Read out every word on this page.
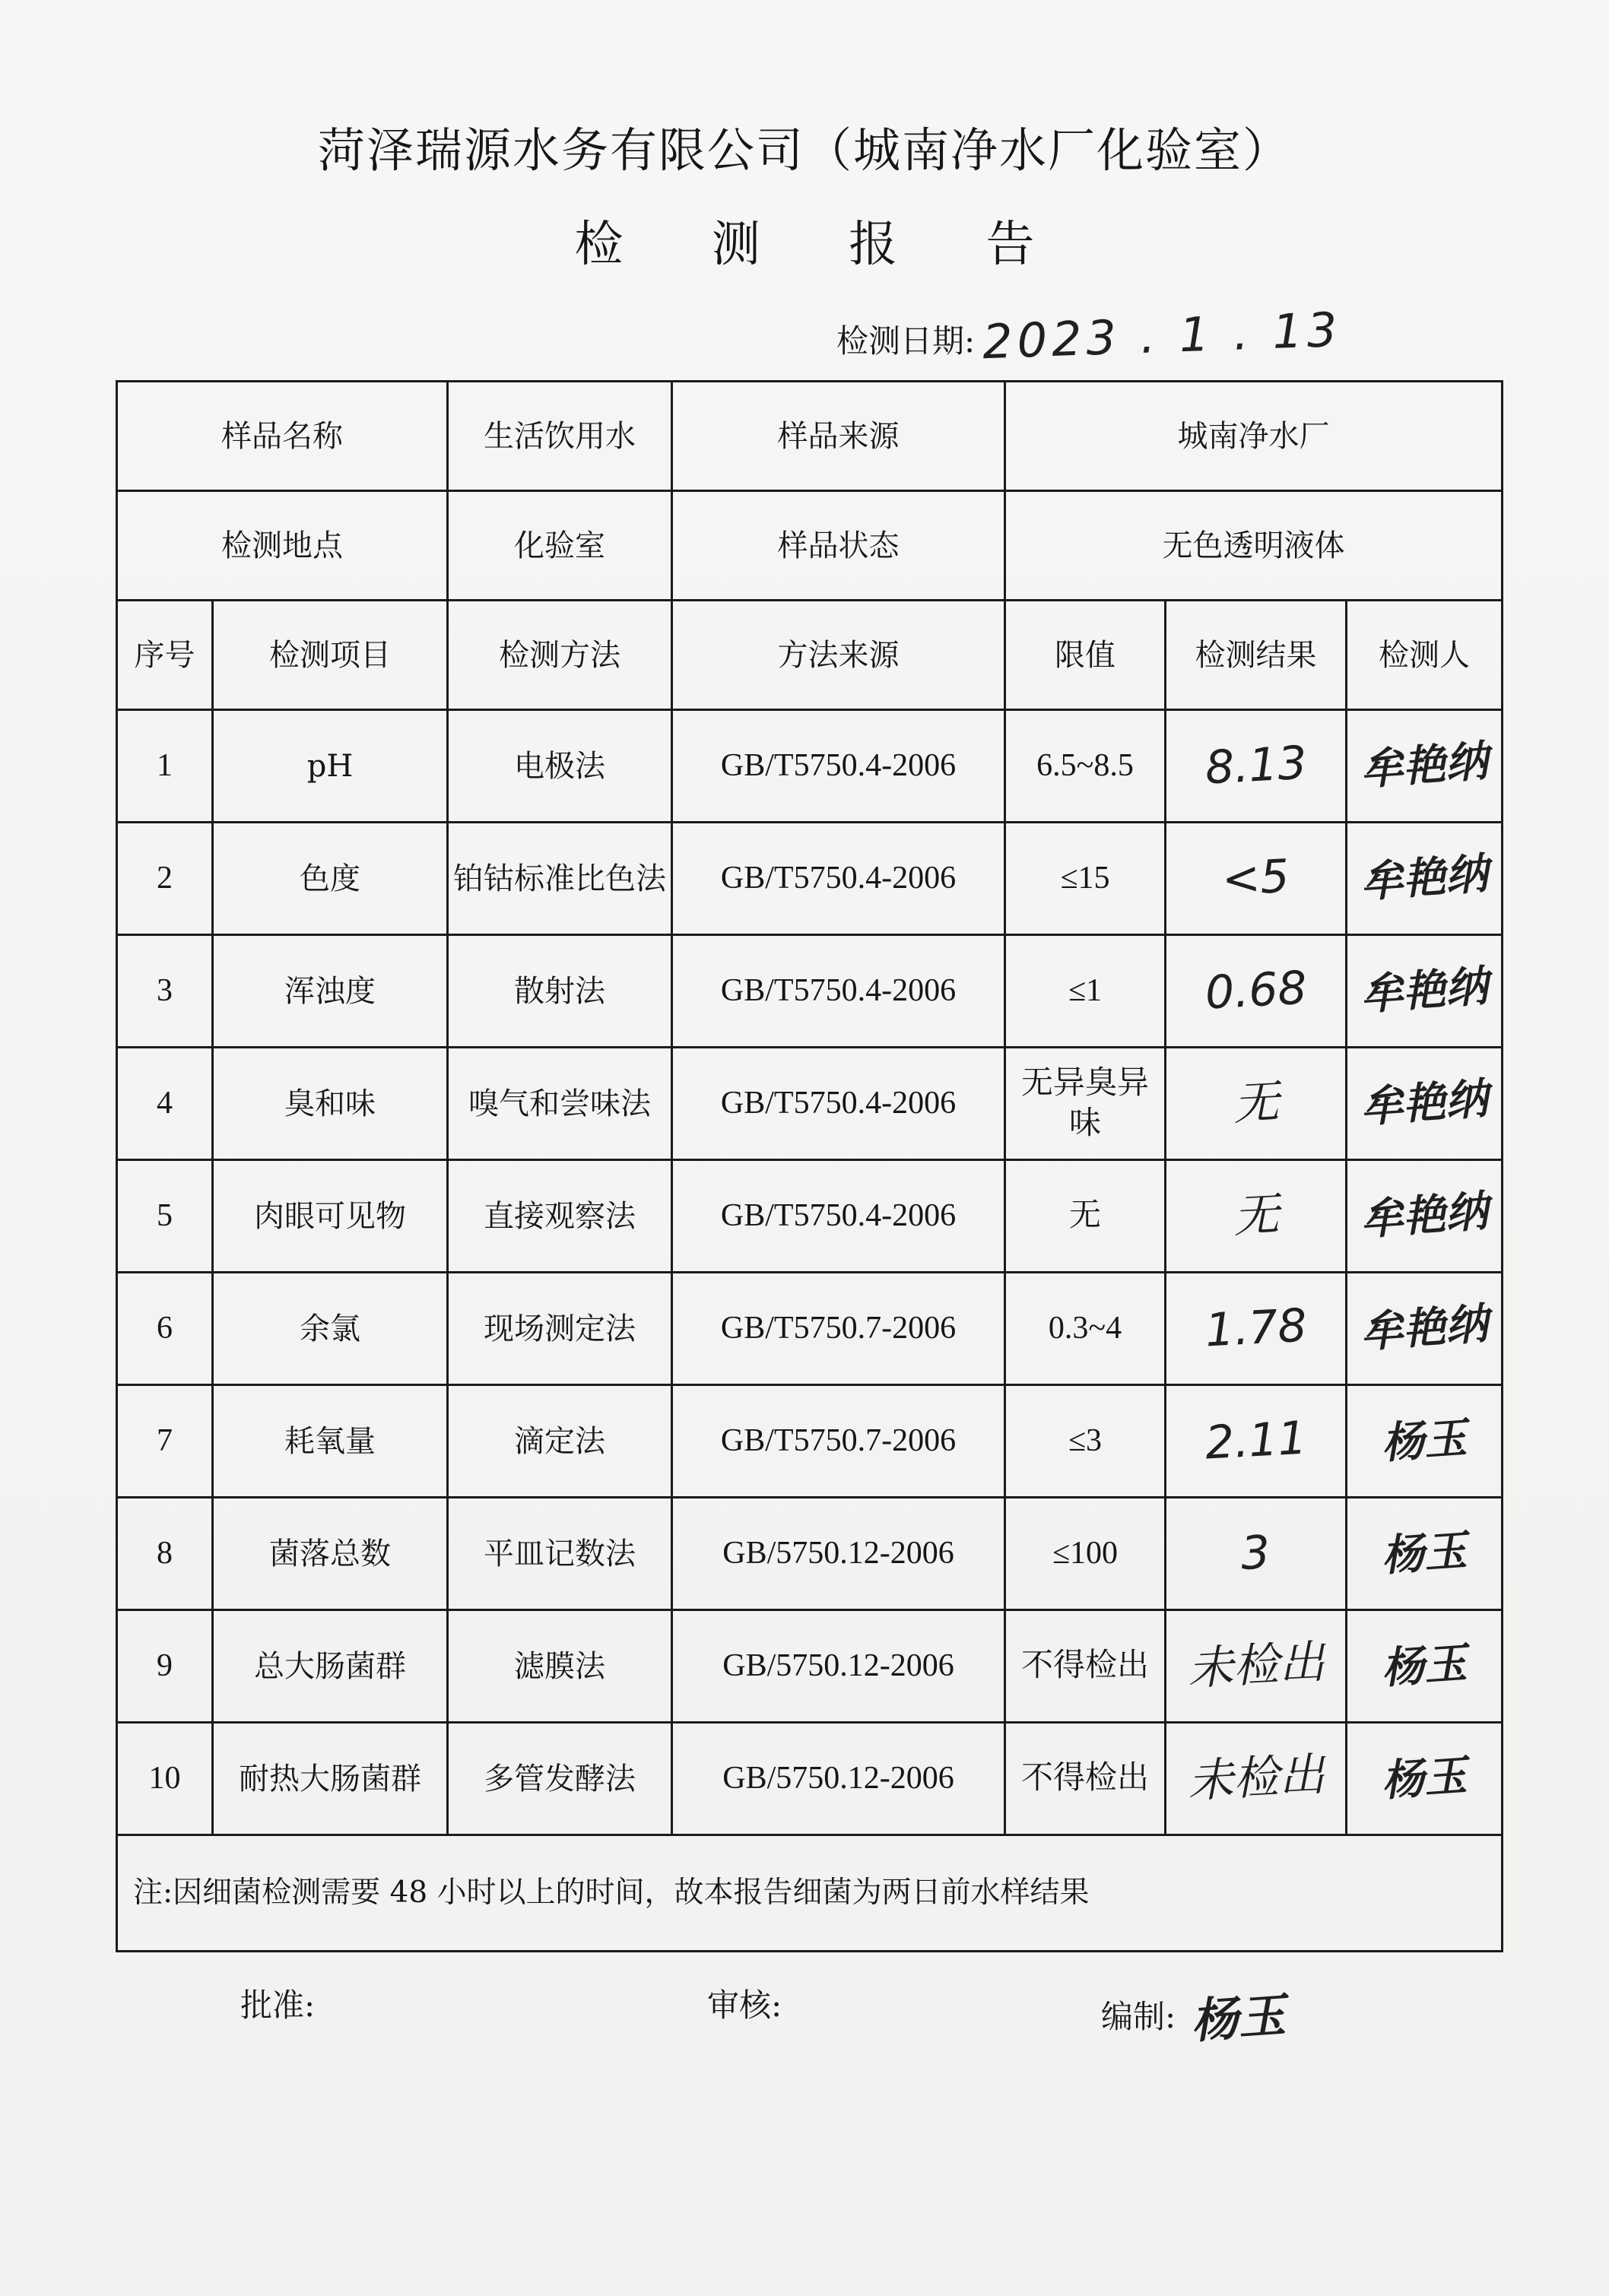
菏泽瑞源水务有限公司（城南净水厂化验室）
检 测 报 告
检测日期: 2023 . 1 . 13
样品名称		生活饮用水	样品来源	城南净水厂		
检测地点		化验室	样品状态	无色透明液体		
序号	检测项目	检测方法	方法来源	限值	检测结果	检测人
1	pH	电极法	GB/T5750.4-2006	6.5~8.5	8.13	牟艳纳
2	色度	铂钴标准比色法	GB/T5750.4-2006	≤15	<5	牟艳纳
3	浑浊度	散射法	GB/T5750.4-2006	≤1	0.68	牟艳纳
4	臭和味	嗅气和尝味法	GB/T5750.4-2006	无异臭异味	无	牟艳纳
5	肉眼可见物	直接观察法	GB/T5750.4-2006	无	无	牟艳纳
6	余氯	现场测定法	GB/T5750.7-2006	0.3~4	1.78	牟艳纳
7	耗氧量	滴定法	GB/T5750.7-2006	≤3	2.11	杨玉
8	菌落总数	平皿记数法	GB/5750.12-2006	≤100	3	杨玉
9	总大肠菌群	滤膜法	GB/5750.12-2006	不得检出	未检出	杨玉
10	耐热大肠菌群	多管发酵法	GB/5750.12-2006	不得检出	未检出	杨玉
注:因细菌检测需要 48 小时以上的时间，故本报告细菌为两日前水样结果						
批准:	审核:	编制: 杨玉
